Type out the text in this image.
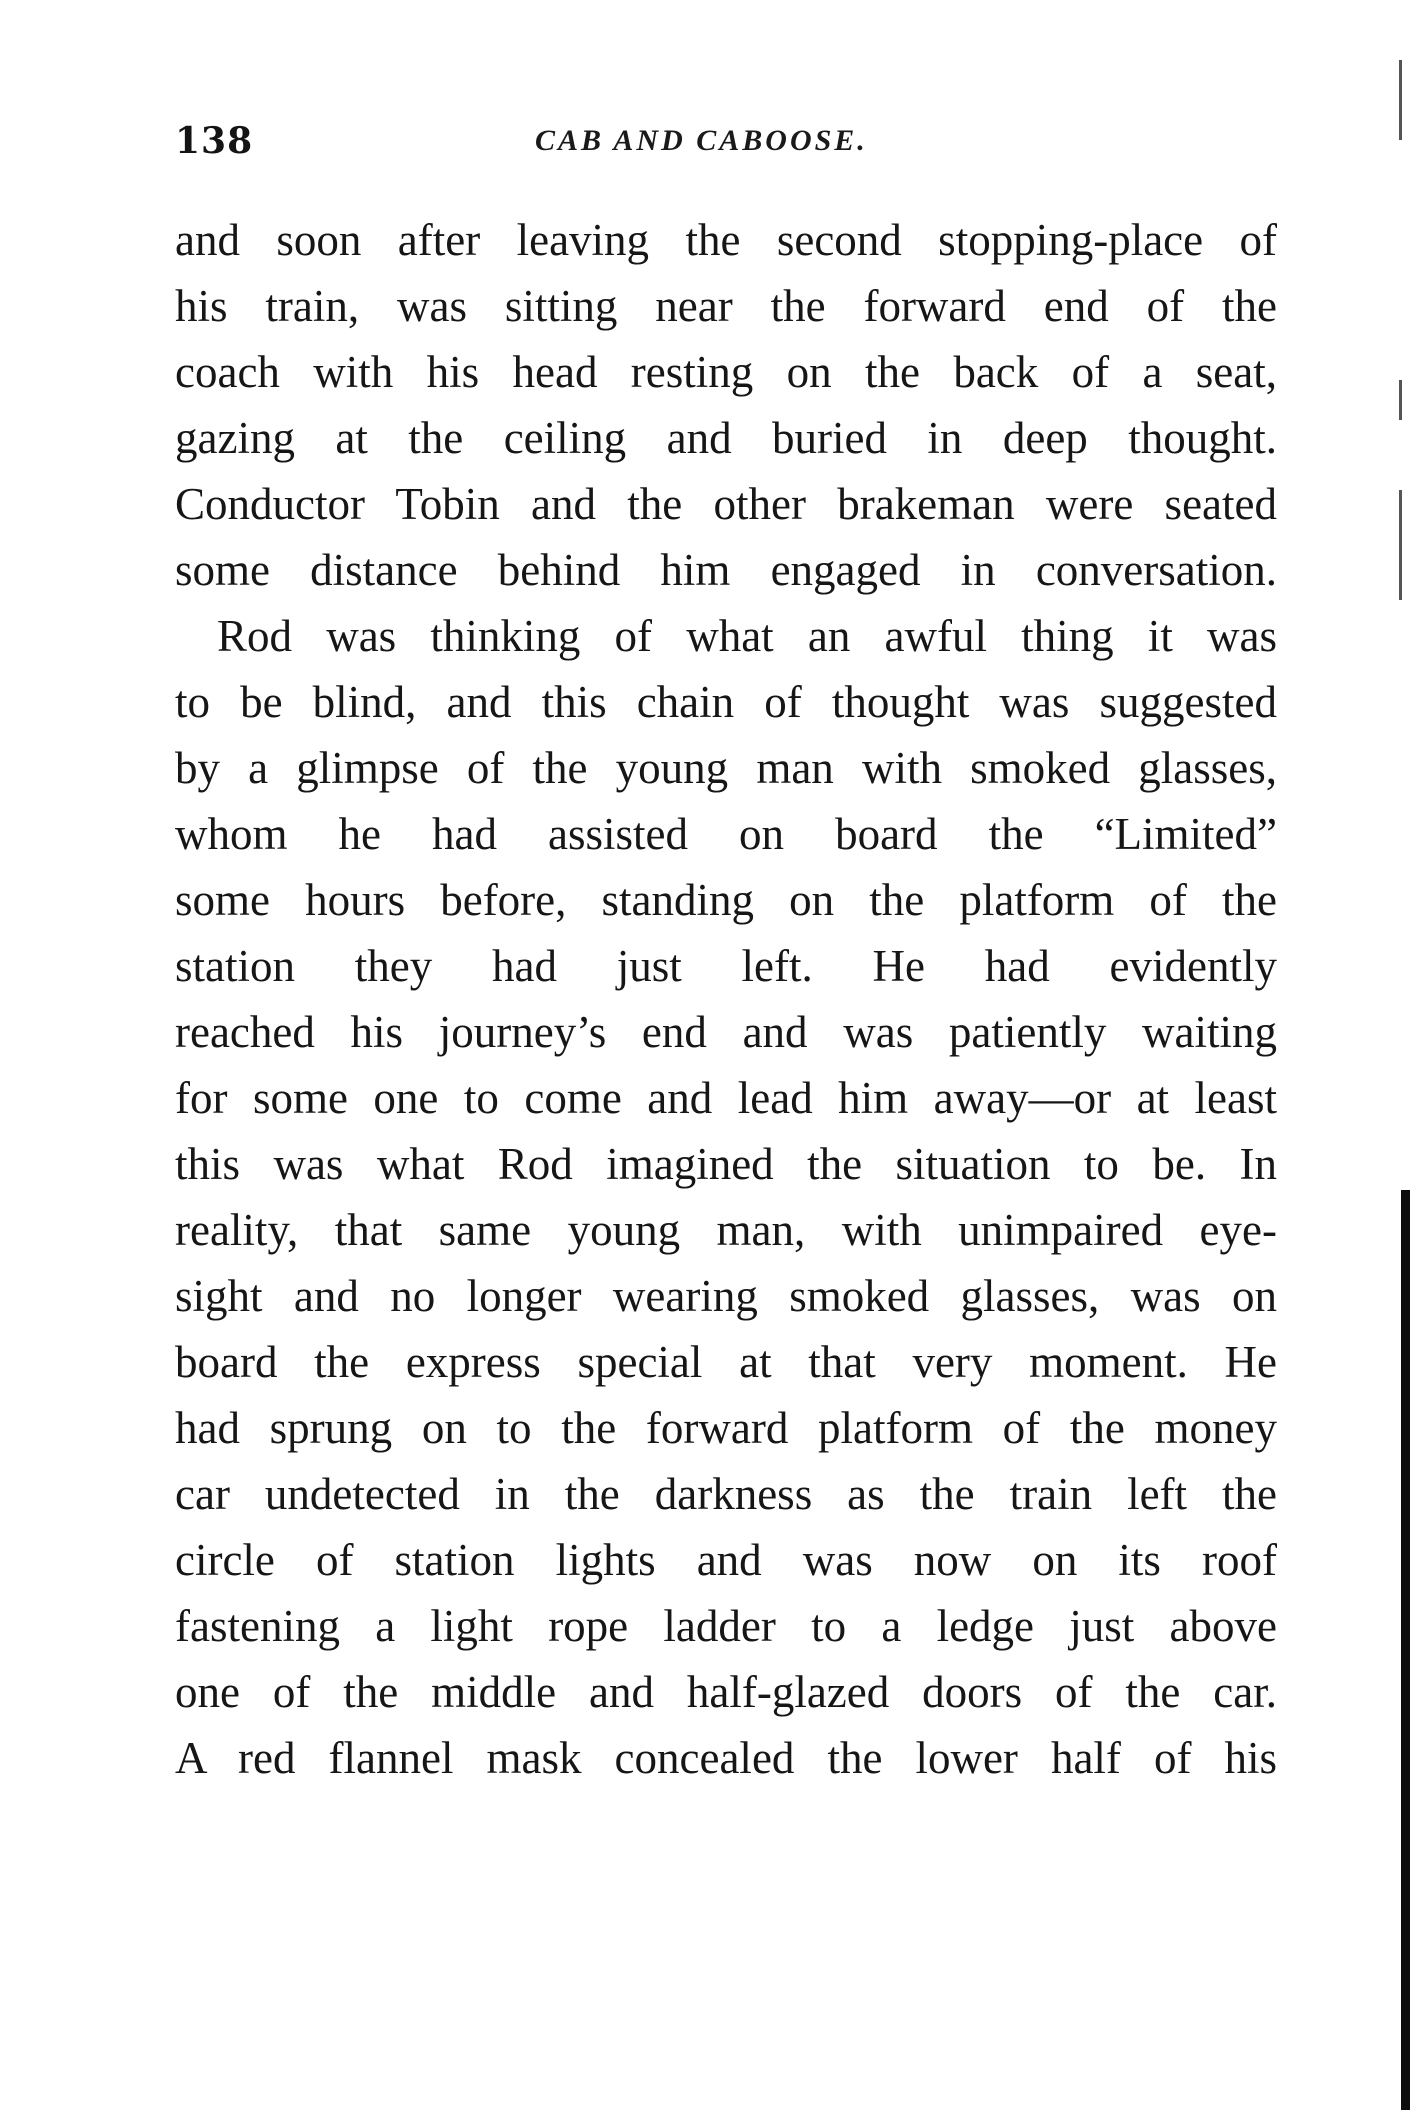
138	CAB AND CABOOSE.
and soon after leaving the second stopping-place of
his train, was sitting near the forward end of the
coach with his head resting on the back of a seat,
gazing at the ceiling and buried in deep thought.
Conductor Tobin and the other brakeman were seated
some distance behind him engaged in conversation.
Rod was thinking of what an awful thing it was
to be blind, and this chain of thought was suggested
by a glimpse of the young man with smoked glasses,
whom he had assisted on board the “Limited”
some hours before, standing on the platform of the
station they had just left. He had evidently
reached his journey’s end and was patiently waiting
for some one to come and lead him away—or at least
this was what Rod imagined the situation to be. In
reality, that same young man, with unimpaired eye-
sight and no longer wearing smoked glasses, was on
board the express special at that very moment. He
had sprung on to the forward platform of the money
car undetected in the darkness as the train left the
circle of station lights and was now on its roof
fastening a light rope ladder to a ledge just above
one of the middle and half-glazed doors of the car.
A red flannel mask concealed the lower half of his
